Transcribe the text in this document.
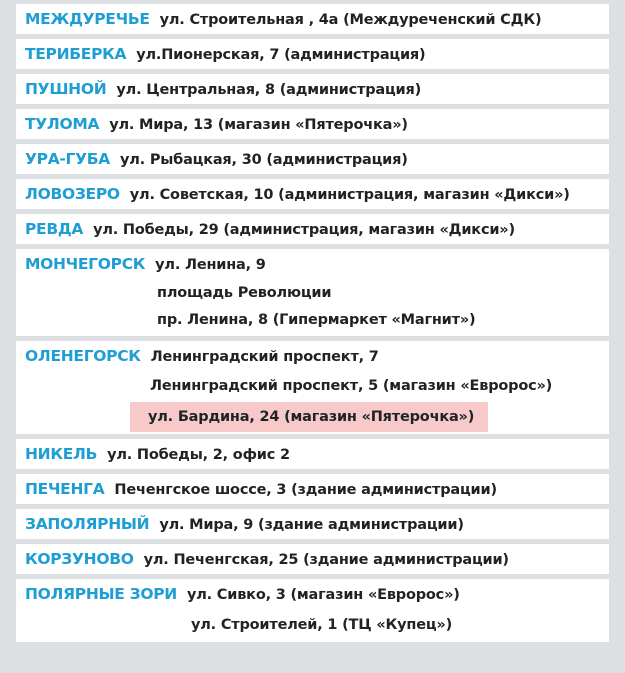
МЕЖДУРЕЧЬЕ ул. Строительная , 4а (Междуреченский СДК)
ТЕРИБЕРКА ул.Пионерская, 7 (администрация)
ПУШНОЙ ул. Центральная, 8 (администрация)
ТУЛОМА ул. Мира, 13 (магазин «Пятерочка»)
УРА-ГУБА ул. Рыбацкая, 30 (администрация)
ЛОВОЗЕРО ул. Советская, 10 (администрация, магазин «Дикси»)
РЕВДА ул. Победы, 29 (администрация, магазин «Дикси»)
МОНЧЕГОРСК ул. Ленина, 9
площадь Революции
пр. Ленина, 8 (Гипермаркет «Магнит»)
ОЛЕНЕГОРСК Ленинградский проспект, 7
Ленинградский проспект, 5 (магазин «Евророс»)
ул. Бардина, 24 (магазин «Пятерочка»)
НИКЕЛЬ ул. Победы, 2, офис 2
ПЕЧЕНГА Печенгское шоссе, 3 (здание администрации)
ЗАПОЛЯРНЫЙ ул. Мира, 9 (здание администрации)
КОРЗУНОВО ул. Печенгская, 25 (здание администрации)
ПОЛЯРНЫЕ ЗОРИ ул. Сивко, 3 (магазин «Евророс»)
ул. Строителей, 1 (ТЦ «Купец»)
